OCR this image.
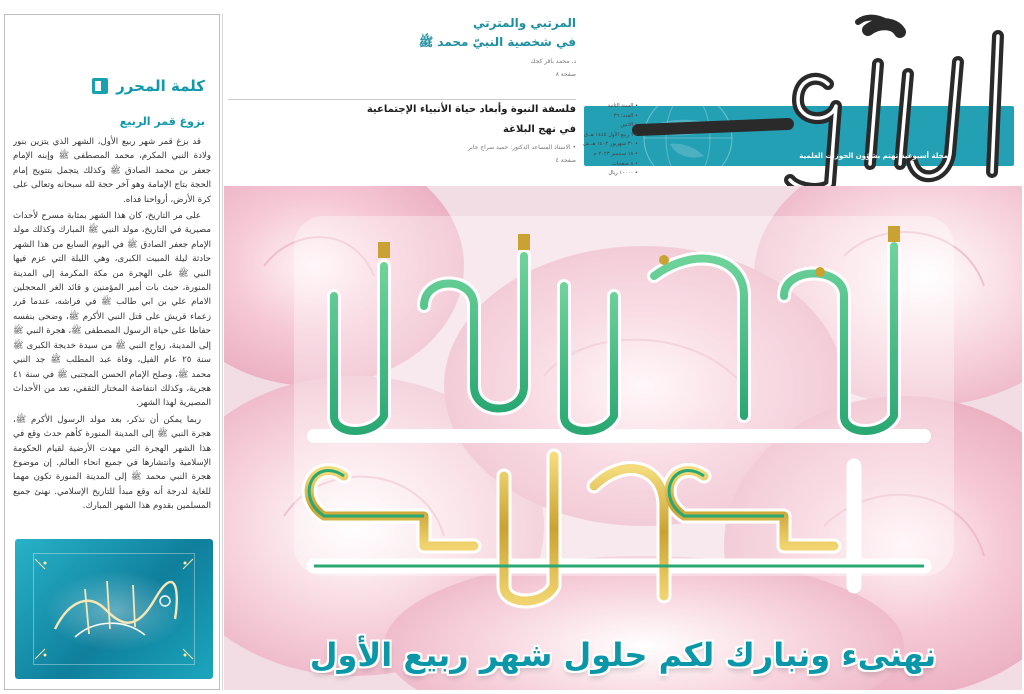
كلمة المحرر
بزوغ قمر الربيع

قد بزغ قمر شهر ربيع الأول، الشهر الذي يتزين بنور ولادة النبي المكرم، محمد المصطفى ﷺ وإبنه الإمام جعفر بن محمد الصادق ﷺ وكذلك يتجمل بتتويج إمام الحجة بتاج الإمامة وهو آخر حجة لله سبحانه وتعالى على كرة الأرض، أرواحنا فداه.

على مر التاريخ، كان هذا الشهر بمثابة مسرح لأحداث مصيرية في التاريخ، مولد النبي ﷺ المبارك وكذلك مولد الإمام جعفر الصادق ﷺ في اليوم السابع من هذا الشهر حادثة ليلة المبيت الكبرى، وهي الليلة التي عزم فيها النبي ﷺ على الهجرة من مكة المكرمة إلى المدينة المنورة، حيث بات أمير المؤمنين و قائد الغر المحجلين الامام علي بن ابي طالب ﷺ في فراشه، عندما قرر زعماء قريش على قتل النبي الأكرم ﷺ، وضحى بنفسه حفاظا على حياة الرسول المصطفى ﷺ، هجرة النبي ﷺ إلى المدينة، زواج النبي ﷺ من سيدة خديجة الكبرى ﷺ سنة ٢٥ عام الفيل، وفاة عبد المطلب ﷺ جد النبي محمد ﷺ، وصلح الإمام الحسن المجتبى ﷺ في سنة ٤١ هجرية، وكذلك انتفاضة المختار الثقفي، تعد من الأحداث المصيرية لهذا الشهر.

ربما يمكن أن نذكر، بعد مولد الرسول الأكرم ﷺ، هجرة النبي ﷺ إلى المدينة المنورة كأهم حدث وقع في هذا الشهر الهجرة التي مهدت الأرضية لقيام الحكومة الإسلامية وانتشارها في جميع انحاء العالم. إن موضوع هجرة النبي محمد ﷺ إلى المدينة المنورة تكون مهما للغاية لدرجة أنه وقع مبدأ للتاريخ الإسلامي. نهنئ جميع المسلمين بقدوم هذا الشهر المبارك.

المرتبي والمترتي
في شخصية النبيّ محمد ﷺ
د. محمد باقر كجك
صفحة ٨
فلسفة النبوة وأبعاد حياة الأنبياء الإجتماعية
في نهج البلاغة
• الاستاذ المساعد الدكتور: حميد سراج جابر
صفحة ٤
مجلة أسبوعية تهتم بشؤون الحوزات العلمية
• السنة الثانية
• العدد: ٣٦
• الاثنين
• ٦ ربيع الأول ١٤٤٥ هـ.ق
• ٣٠ شهريور ١٤٠٢ هـ.ش
• ١٨ سبتمبر ٢٠٢٣ م
• ٨ صفحات
• ١٠٠٠٠ ريال
نهنىء ونبارك لكم حلول شهر ربيع الأول
